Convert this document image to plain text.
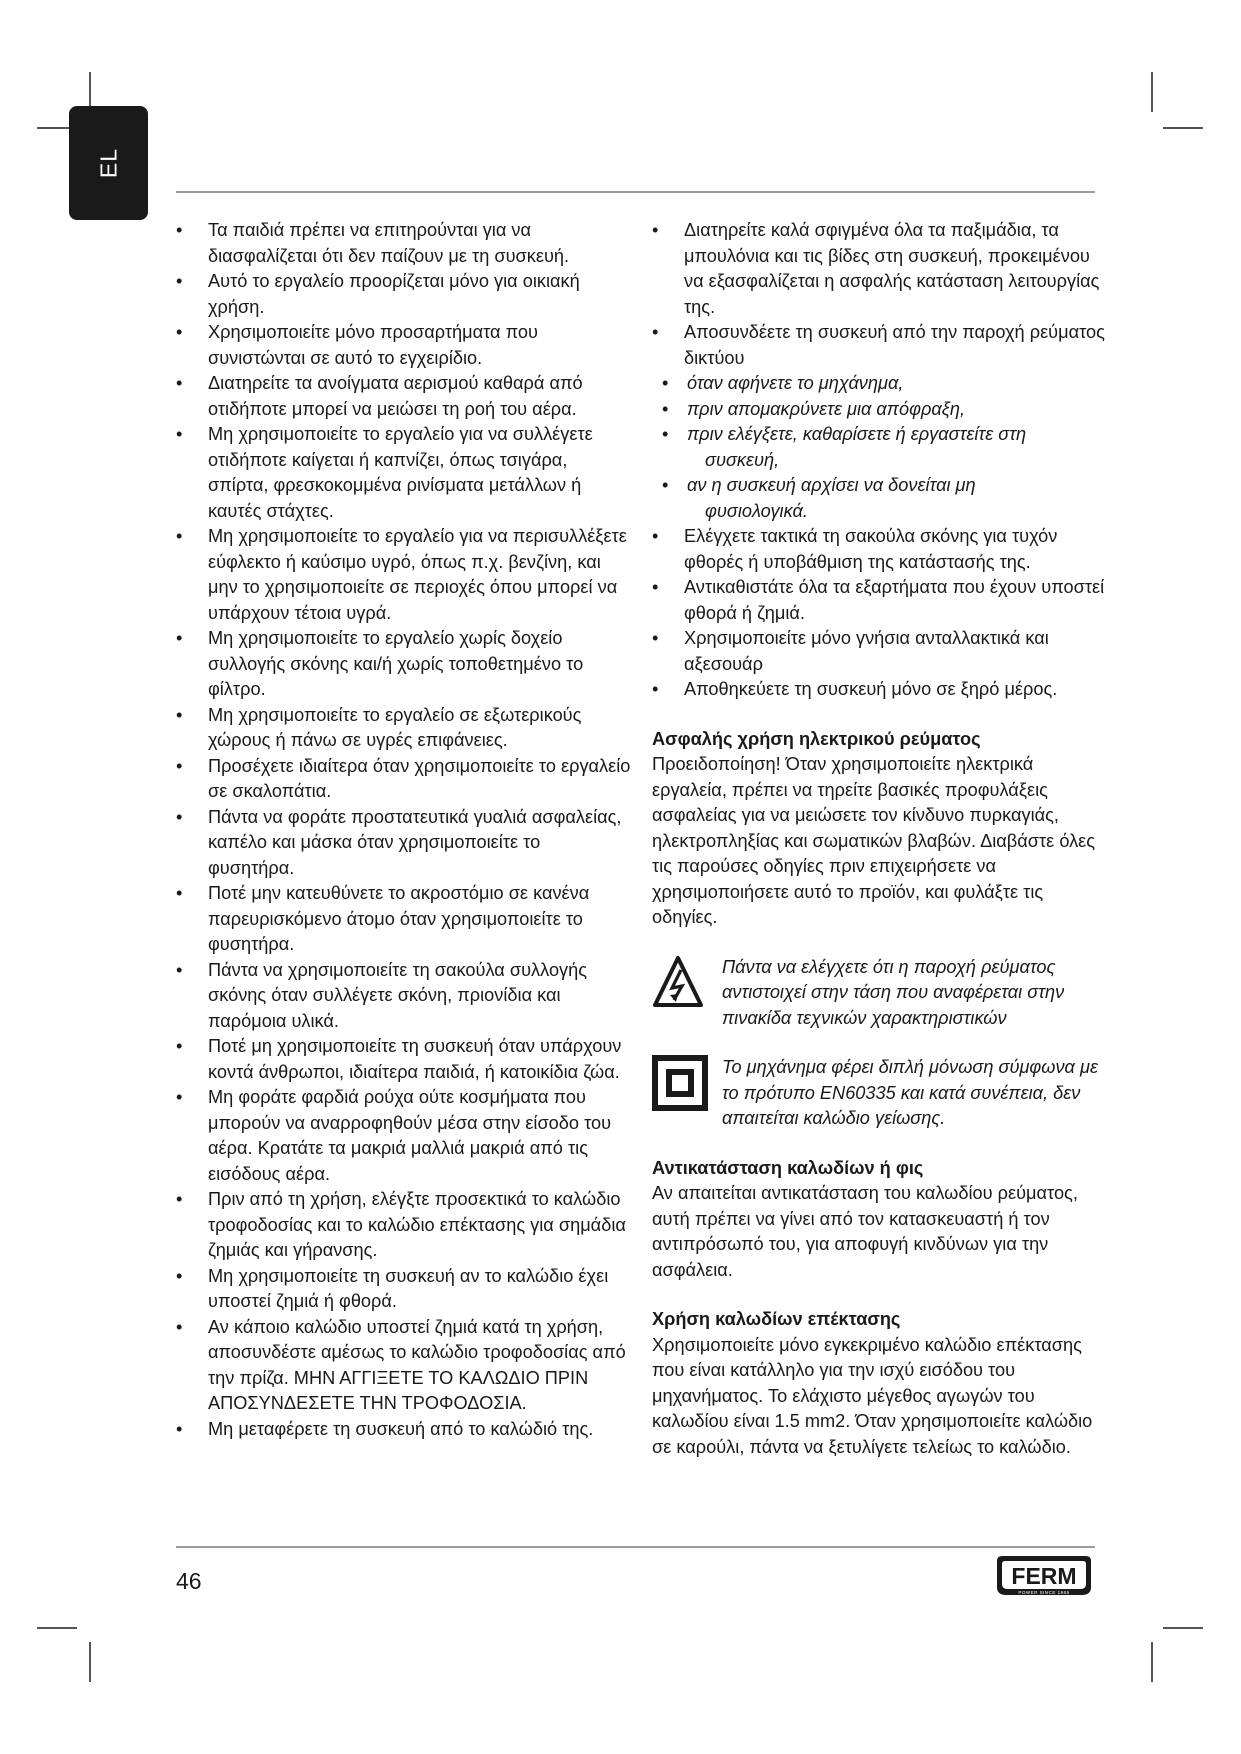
EL
• Τα παιδιά πρέπει να επιτηρούνται για να διασφαλίζεται ότι δεν παίζουν με τη συσκευή.
• Αυτό το εργαλείο προορίζεται μόνο για οικιακή χρήση.
• Χρησιμοποιείτε μόνο προσαρτήματα που συνιστώνται σε αυτό το εγχειρίδιο.
• Διατηρείτε τα ανοίγματα αερισμού καθαρά από οτιδήποτε μπορεί να μειώσει τη ροή του αέρα.
• Μη χρησιμοποιείτε το εργαλείο για να συλλέγετε οτιδήποτε καίγεται ή καπνίζει, όπως τσιγάρα, σπίρτα, φρεσκοκομμένα ρινίσματα μετάλλων ή καυτές στάχτες.
• Μη χρησιμοποιείτε το εργαλείο για να περισυλλέξετε εύφλεκτο ή καύσιμο υγρό, όπως π.χ. βενζίνη, και μην το χρησιμοποιείτε σε περιοχές όπου μπορεί να υπάρχουν τέτοια υγρά.
• Μη χρησιμοποιείτε το εργαλείο χωρίς δοχείο συλλογής σκόνης και/ή χωρίς τοποθετημένο το φίλτρο.
• Μη χρησιμοποιείτε το εργαλείο σε εξωτερικούς χώρους ή πάνω σε υγρές επιφάνειες.
• Προσέχετε ιδιαίτερα όταν χρησιμοποιείτε το εργαλείο σε σκαλοπάτια.
• Πάντα να φοράτε προστατευτικά γυαλιά ασφαλείας, καπέλο και μάσκα όταν χρησιμοποιείτε το φυσητήρα.
• Ποτέ μην κατευθύνετε το ακροστόμιο σε κανένα παρευρισκόμενο άτομο όταν χρησιμοποιείτε το φυσητήρα.
• Πάντα να χρησιμοποιείτε τη σακούλα συλλογής σκόνης όταν συλλέγετε σκόνη, πριονίδια και παρόμοια υλικά.
• Ποτέ μη χρησιμοποιείτε τη συσκευή όταν υπάρχουν κοντά άνθρωποι, ιδιαίτερα παιδιά, ή κατοικίδια ζώα.
• Μη φοράτε φαρδιά ρούχα ούτε κοσμήματα που μπορούν να αναρροφηθούν μέσα στην είσοδο του αέρα. Κρατάτε τα μακριά μαλλιά μακριά από τις εισόδους αέρα.
• Πριν από τη χρήση, ελέγξτε προσεκτικά το καλώδιο τροφοδοσίας και το καλώδιο επέκτασης για σημάδια ζημιάς και γήρανσης.
• Μη χρησιμοποιείτε τη συσκευή αν το καλώδιο έχει υποστεί ζημιά ή φθορά.
• Αν κάποιο καλώδιο υποστεί ζημιά κατά τη χρήση, αποσυνδέστε αμέσως το καλώδιο τροφοδοσίας από την πρίζα. ΜΗΝ ΑΓΓΙΞΕΤΕ ΤΟ ΚΑΛΩΔΙΟ ΠΡΙΝ ΑΠΟΣΥΝΔΕΣΕΤΕ ΤΗΝ ΤΡΟΦΟΔΟΣΙΑ.
• Μη μεταφέρετε τη συσκευή από το καλώδιό της.
• Διατηρείτε καλά σφιγμένα όλα τα παξιμάδια, τα μπουλόνια και τις βίδες στη συσκευή, προκειμένου να εξασφαλίζεται η ασφαλής κατάσταση λειτουργίας της.
• Αποσυνδέετε τη συσκευή από την παροχή ρεύματος δικτύου
• όταν αφήνετε το μηχάνημα,
• πριν απομακρύνετε μια απόφραξη,
• πριν ελέγξετε, καθαρίσετε ή εργαστείτε στη
συσκευή,
• αν η συσκευή αρχίσει να δονείται μη
φυσιολογικά.
• Ελέγχετε τακτικά τη σακούλα σκόνης για τυχόν φθορές ή υποβάθμιση της κατάστασής της.
• Αντικαθιστάτε όλα τα εξαρτήματα που έχουν υποστεί φθορά ή ζημιά.
• Χρησιμοποιείτε μόνο γνήσια ανταλλακτικά και αξεσουάρ
• Αποθηκεύετε τη συσκευή μόνο σε ξηρό μέρος.
Ασφαλής χρήση ηλεκτρικού ρεύματος

Προειδοποίηση! Όταν χρησιμοποιείτε ηλεκτρικά εργαλεία, πρέπει να τηρείτε βασικές προφυλάξεις ασφαλείας για να μειώσετε τον κίνδυνο πυρκαγιάς, ηλεκτροπληξίας και σωματικών βλαβών. Διαβάστε όλες τις παρούσες οδηγίες πριν επιχειρήσετε να χρησιμοποιήσετε αυτό το προϊόν, και φυλάξτε τις οδηγίες.

Πάντα να ελέγχετε ότι η παροχή ρεύματος αντιστοιχεί στην τάση που αναφέρεται στην πινακίδα τεχνικών χαρακτηριστικών
Το μηχάνημα φέρει διπλή μόνωση σύμφωνα με το πρότυπο EN60335 και κατά συνέπεια, δεν απαιτείται καλώδιο γείωσης.
Αντικατάσταση καλωδίων ή φις

Αν απαιτείται αντικατάσταση του καλωδίου ρεύματος, αυτή πρέπει να γίνει από τον κατασκευαστή ή τον αντιπρόσωπό του, για αποφυγή κινδύνων για την ασφάλεια.

Χρήση καλωδίων επέκτασης

Χρησιμοποιείτε μόνο εγκεκριμένο καλώδιο επέκτασης που είναι κατάλληλο για την ισχύ εισόδου του μηχανήματος. Το ελάχιστο μέγεθος αγωγών του καλωδίου είναι 1.5 mm2. Όταν χρησιμοποιείτε καλώδιο σε καρούλι, πάντα να ξετυλίγετε τελείως το καλώδιο.

46	FERM
POWER SINCE 1965
